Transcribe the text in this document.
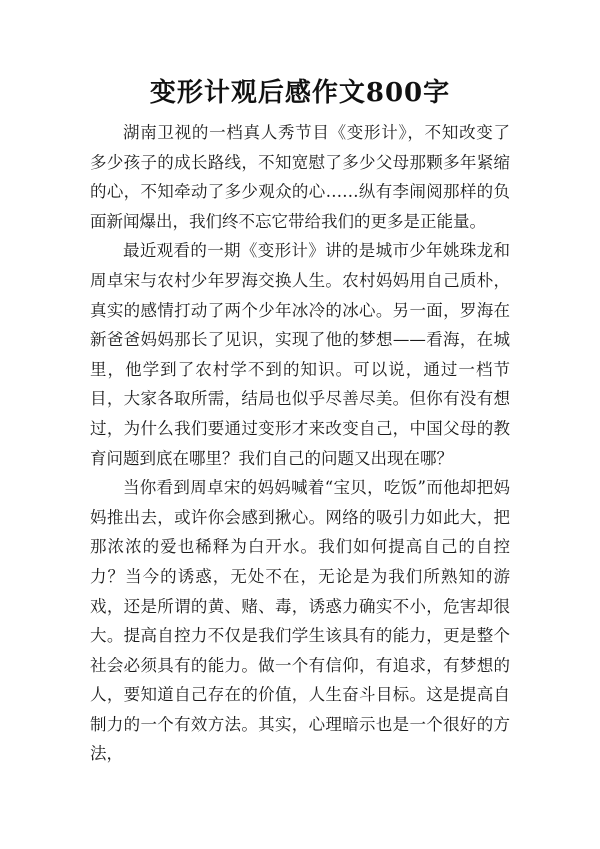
变形计观后感作文800字

湖南卫视的一档真人秀节目《变形计》，不知改变了多少孩子的成长路线，不知宽慰了多少父母那颗多年紧缩的心，不知牵动了多少观众的心……纵有李闹阅那样的负面新闻爆出，我们终不忘它带给我们的更多是正能量。

最近观看的一期《变形计》讲的是城市少年姚珠龙和周卓宋与农村少年罗海交换人生。农村妈妈用自己质朴，真实的感情打动了两个少年冰冷的冰心。另一面，罗海在新爸爸妈妈那长了见识，实现了他的梦想——看海，在城里，他学到了农村学不到的知识。可以说，通过一档节目，大家各取所需，结局也似乎尽善尽美。但你有没有想过，为什么我们要通过变形才来改变自己，中国父母的教育问题到底在哪里？我们自己的问题又出现在哪？

当你看到周卓宋的妈妈喊着“宝贝，吃饭”而他却把妈妈推出去，或许你会感到揪心。网络的吸引力如此大，把那浓浓的爱也稀释为白开水。我们如何提高自己的自控力？当今的诱惑，无处不在，无论是为我们所熟知的游戏，还是所谓的黄、赌、毒，诱惑力确实不小，危害却很大。提高自控力不仅是我们学生该具有的能力，更是整个社会必须具有的能力。做一个有信仰，有追求，有梦想的人，要知道自己存在的价值，人生奋斗目标。这是提高自制力的一个有效方法。其实，心理暗示也是一个很好的方法，
